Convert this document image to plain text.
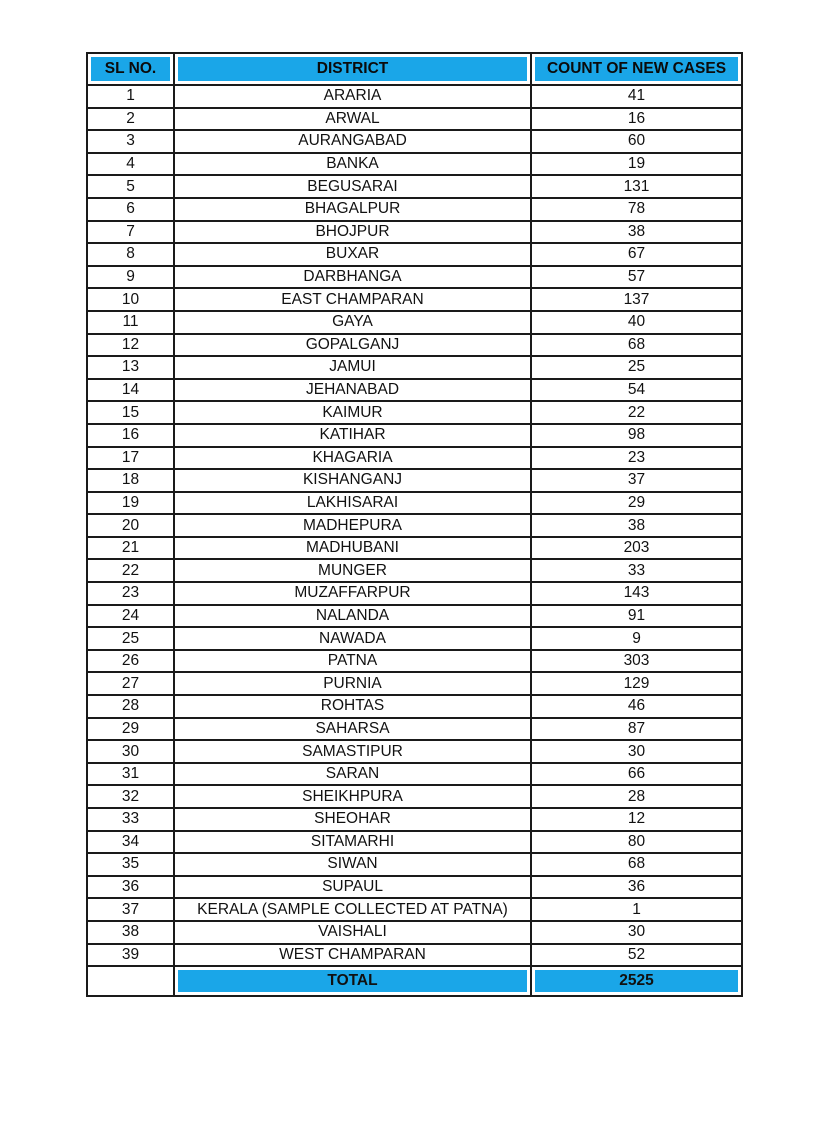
SL NO.	DISTRICT	COUNT OF NEW CASES
1	ARARIA	41
2	ARWAL	16
3	AURANGABAD	60
4	BANKA	19
5	BEGUSARAI	131
6	BHAGALPUR	78
7	BHOJPUR	38
8	BUXAR	67
9	DARBHANGA	57
10	EAST CHAMPARAN	137
11	GAYA	40
12	GOPALGANJ	68
13	JAMUI	25
14	JEHANABAD	54
15	KAIMUR	22
16	KATIHAR	98
17	KHAGARIA	23
18	KISHANGANJ	37
19	LAKHISARAI	29
20	MADHEPURA	38
21	MADHUBANI	203
22	MUNGER	33
23	MUZAFFARPUR	143
24	NALANDA	91
25	NAWADA	9
26	PATNA	303
27	PURNIA	129
28	ROHTAS	46
29	SAHARSA	87
30	SAMASTIPUR	30
31	SARAN	66
32	SHEIKHPURA	28
33	SHEOHAR	12
34	SITAMARHI	80
35	SIWAN	68
36	SUPAUL	36
37	KERALA (SAMPLE COLLECTED AT PATNA)	1
38	VAISHALI	30
39	WEST CHAMPARAN	52
	TOTAL	2525
